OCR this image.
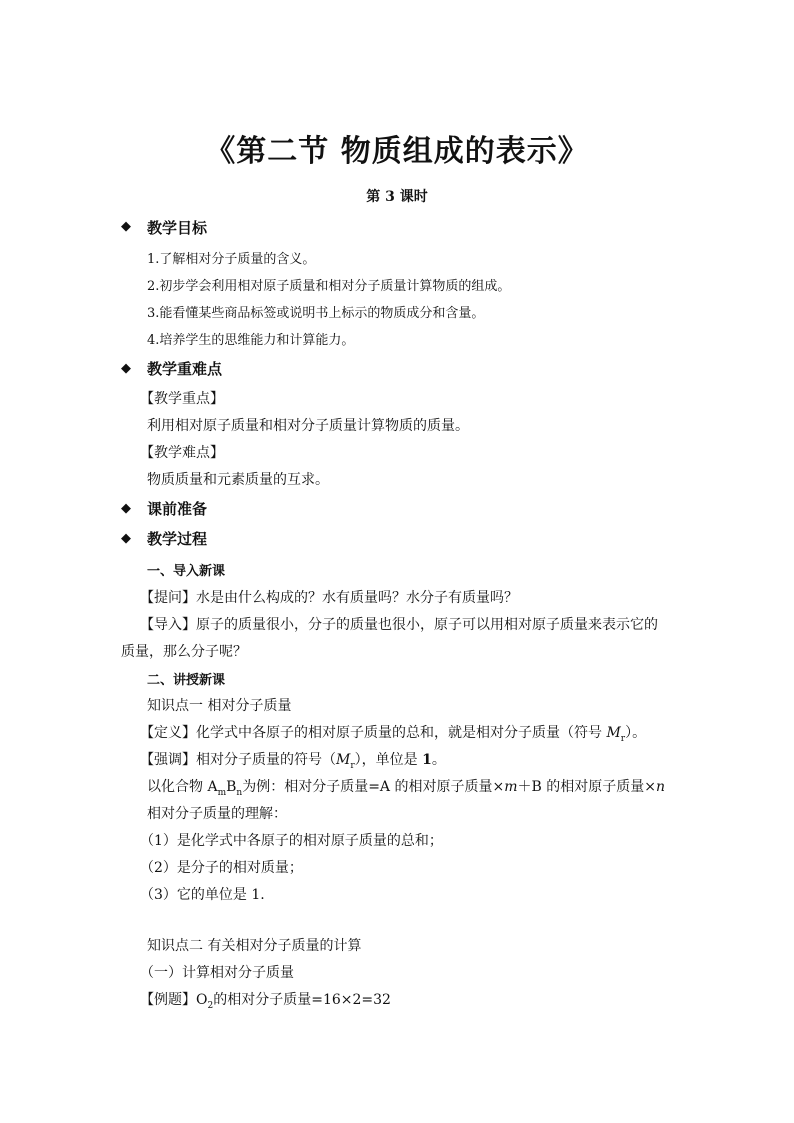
《第二节 物质组成的表示》
第 3 课时
◆ 教学目标
1.了解相对分子质量的含义。
2.初步学会利用相对原子质量和相对分子质量计算物质的组成。
3.能看懂某些商品标签或说明书上标示的物质成分和含量。
4.培养学生的思维能力和计算能力。
◆ 教学重难点
【教学重点】
利用相对原子质量和相对分子质量计算物质的质量。
【教学难点】
物质质量和元素质量的互求。
◆ 课前准备
◆ 教学过程
一、导入新课
【提问】水是由什么构成的？水有质量吗？水分子有质量吗？
【导入】原子的质量很小，分子的质量也很小，原子可以用相对原子质量来表示它的
质量，那么分子呢？
二、讲授新课
知识点一 相对分子质量
【定义】化学式中各原子的相对原子质量的总和，就是相对分子质量（符号 $M_r$）。
【强调】相对分子质量的符号$(M_r)$，单位是 1。
以化合物 $A_mB_n$为例：相对分子质量=A 的相对原子质量×m＋B 的相对原子质量×n
相对分子质量的理解：
（1）是化学式中各原子的相对原子质量的总和；
（2）是分子的相对质量；
（3）它的单位是 1.
知识点二 有关相对分子质量的计算
（一）计算相对分子质量
【例题】$O_2$的相对分子质量=16×2=32
